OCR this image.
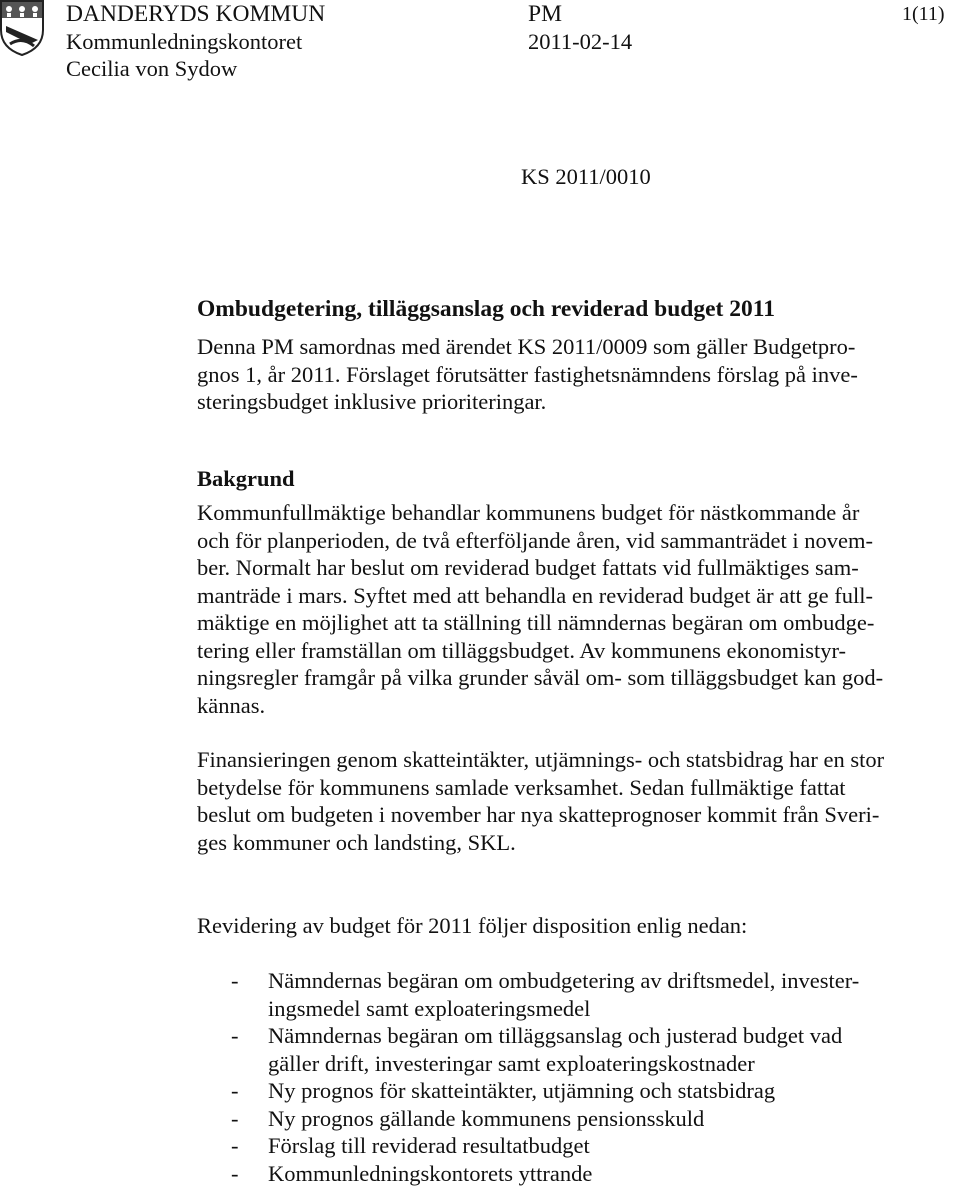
DANDERYDS KOMMUN
Kommunledningskontoret
Cecilia von Sydow
PM
2011-02-14
1(11)
KS 2011/0010
Ombudgetering, tilläggsanslag och reviderad budget 2011
Denna PM samordnas med ärendet KS 2011/0009 som gäller Budgetpro-
gnos 1, år 2011. Förslaget förutsätter fastighetsnämndens förslag på inve-
steringsbudget inklusive prioriteringar.
Bakgrund
Kommunfullmäktige behandlar kommunens budget för nästkommande år
och för planperioden, de två efterföljande åren, vid sammanträdet i novem-
ber. Normalt har beslut om reviderad budget fattats vid fullmäktiges sam-
manträde i mars. Syftet med att behandla en reviderad budget är att ge full-
mäktige en möjlighet att ta ställning till nämndernas begäran om ombudge-
tering eller framställan om tilläggsbudget. Av kommunens ekonomistyr-
ningsregler framgår på vilka grunder såväl om- som tilläggsbudget kan god-
kännas.
Finansieringen genom skatteintäkter, utjämnings- och statsbidrag har en stor
betydelse för kommunens samlade verksamhet. Sedan fullmäktige fattat
beslut om budgeten i november har nya skatteprognoser kommit från Sveri-
ges kommuner och landsting, SKL.
Revidering av budget för 2011 följer disposition enlig nedan:
- Nämndernas begäran om ombudgetering av driftsmedel, invester-
ingsmedel samt exploateringsmedel
- Nämndernas begäran om tilläggsanslag och justerad budget vad
gäller drift, investeringar samt exploateringskostnader
- Ny prognos för skatteintäkter, utjämning och statsbidrag
- Ny prognos gällande kommunens pensionsskuld
- Förslag till reviderad resultatbudget
- Kommunledningskontorets yttrande
